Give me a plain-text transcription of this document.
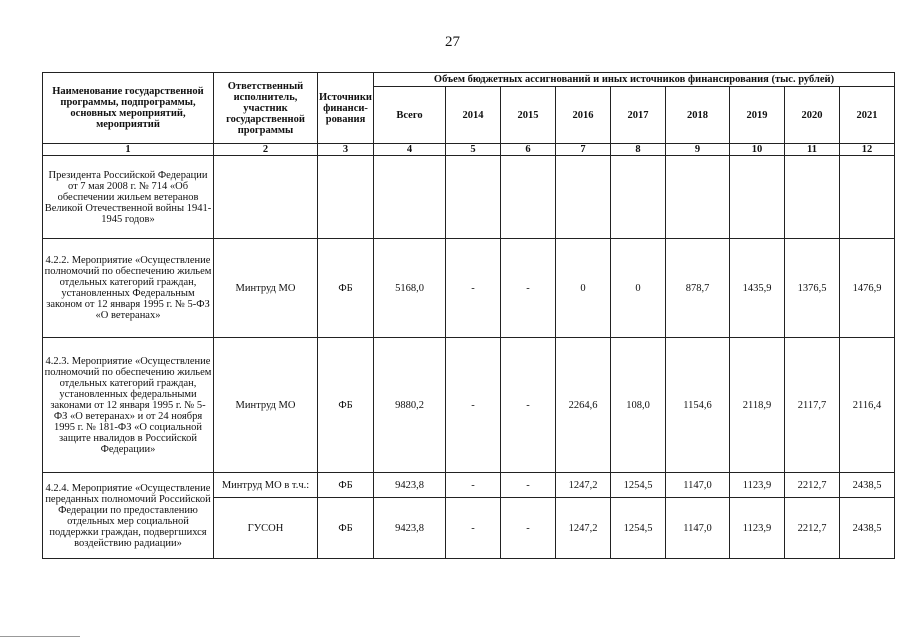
27
Наименование государственной программы, подпрограммы, основных мероприятий, мероприятий	Ответственный исполнитель, участник государственной программы	Источники финанси-рования	Объем бюджетных ассигнований и иных источников финансирования (тыс. рублей)								
			Всего	2014	2015	2016	2017	2018	2019	2020	2021
1	2	3	4	5	6	7	8	9	10	11	12
Президента Российской Федерации от 7 мая 2008 г. № 714 «Об обеспечении жильем ветеранов Великой Отечественной войны 1941-1945 годов»											
4.2.2. Мероприятие «Осуществление полномочий по обеспечению жильем отдельных категорий граждан, установленных Федеральным законом от 12 января 1995 г. № 5-ФЗ «О ветеранах»	Минтруд МО	ФБ	5168,0	-	-	0	0	878,7	1435,9	1376,5	1476,9
4.2.3. Мероприятие «Осуществление полномочий по обеспечению жильем отдельных категорий граждан, установленных федеральными законами от 12 января 1995 г. № 5-ФЗ «О ветеранах» и от 24 ноября 1995 г. № 181-ФЗ «О социальной защите нвалидов в Российской Федерации»	Минтруд МО	ФБ	9880,2	-	-	2264,6	108,0	1154,6	2118,9	2117,7	2116,4
4.2.4. Мероприятие «Осуществление переданных полномочий Российской Федерации по предоставлению отдельных мер социальной поддержки граждан, подвергшихся воздействию радиации»	Минтруд МО в т.ч.:	ФБ	9423,8	-	-	1247,2	1254,5	1147,0	1123,9	2212,7	2438,5
	ГУСОН	ФБ	9423,8	-	-	1247,2	1254,5	1147,0	1123,9	2212,7	2438,5
